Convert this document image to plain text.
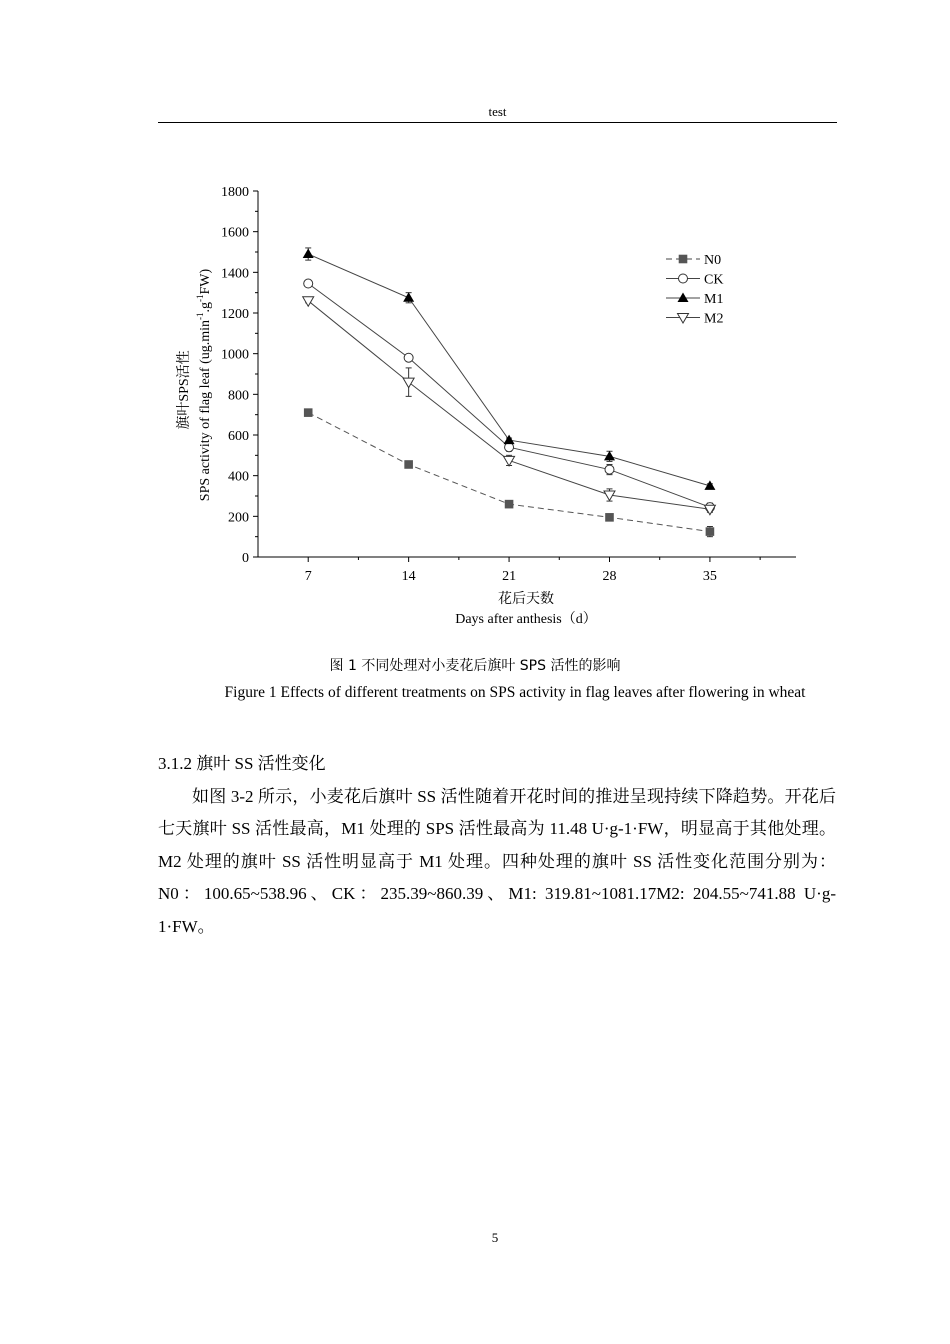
test
0
200
400
600
800
1000
1200
1400
1600
1800
7	14	21	28	35
N0
CK
M1
M2
花后天数
Days after anthesis（d）
旗叶SPS活性 SPS activity of flag leaf $(ug.\min^{-1}.g^{-1}FW)$
图 1 不同处理对小麦花后旗叶 SPS 活性的影响
Figure 1 Effects of different treatments on SPS activity in flag leaves after flowering in wheat

3.1.2 旗叶 SS 活性变化

如图 3-2 所示，小麦花后旗叶 SS 活性随着开花时间的推进呈现持续下降趋势。开花后七天旗叶 SS 活性最高，M1 处理的 SPS 活性最高为 11.48 U·g-1·FW，明显高于其他处理。M2 处理的旗叶 SS 活性明显高于 M1 处理。四种处理的旗叶 SS 活性变化范围分别为：N0：100.65~538.96、CK：235.39~860.39、M1: 319.81~1081.17M2: 204.55~741.88 U·g-1·FW。

5
